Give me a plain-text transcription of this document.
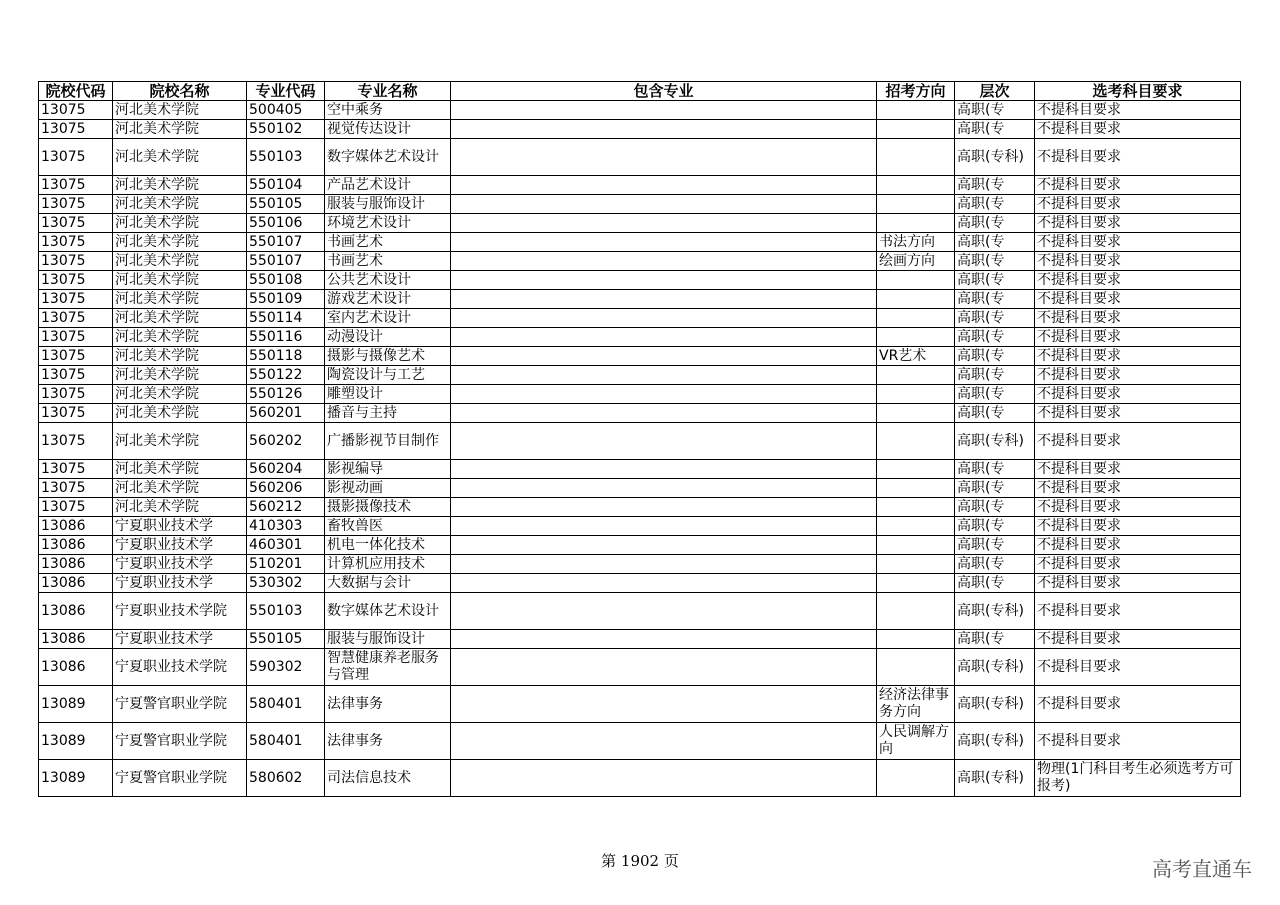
院校代码	院校名称	专业代码	专业名称	包含专业	招考方向	层次	选考科目要求

13075	河北美术学院	500405	空中乘务			高职(专	不提科目要求

13075	河北美术学院	550102	视觉传达设计			高职(专	不提科目要求

13075	河北美术学院	550103	数字媒体艺术设计			高职(专科)	不提科目要求

13075	河北美术学院	550104	产品艺术设计			高职(专	不提科目要求

13075	河北美术学院	550105	服装与服饰设计			高职(专	不提科目要求

13075	河北美术学院	550106	环境艺术设计			高职(专	不提科目要求

13075	河北美术学院	550107	书画艺术		书法方向	高职(专	不提科目要求

13075	河北美术学院	550107	书画艺术		绘画方向	高职(专	不提科目要求

13075	河北美术学院	550108	公共艺术设计			高职(专	不提科目要求

13075	河北美术学院	550109	游戏艺术设计			高职(专	不提科目要求

13075	河北美术学院	550114	室内艺术设计			高职(专	不提科目要求

13075	河北美术学院	550116	动漫设计			高职(专	不提科目要求

13075	河北美术学院	550118	摄影与摄像艺术		VR艺术	高职(专	不提科目要求

13075	河北美术学院	550122	陶瓷设计与工艺			高职(专	不提科目要求

13075	河北美术学院	550126	雕塑设计			高职(专	不提科目要求

13075	河北美术学院	560201	播音与主持			高职(专	不提科目要求

13075	河北美术学院	560202	广播影视节目制作			高职(专科)	不提科目要求

13075	河北美术学院	560204	影视编导			高职(专	不提科目要求

13075	河北美术学院	560206	影视动画			高职(专	不提科目要求

13075	河北美术学院	560212	摄影摄像技术			高职(专	不提科目要求

13086	宁夏职业技术学	410303	畜牧兽医			高职(专	不提科目要求

13086	宁夏职业技术学	460301	机电一体化技术			高职(专	不提科目要求

13086	宁夏职业技术学	510201	计算机应用技术			高职(专	不提科目要求

13086	宁夏职业技术学	530302	大数据与会计			高职(专	不提科目要求

13086	宁夏职业技术学院	550103	数字媒体艺术设计			高职(专科)	不提科目要求

13086	宁夏职业技术学	550105	服装与服饰设计			高职(专	不提科目要求

13086	宁夏职业技术学院	590302	智慧健康养老服务与管理			高职(专科)	不提科目要求

13089	宁夏警官职业学院	580401	法律事务		经济法律事务方向	高职(专科)	不提科目要求

13089	宁夏警官职业学院	580401	法律事务		人民调解方向	高职(专科)	不提科目要求

13089	宁夏警官职业学院	580602	司法信息技术			高职(专科)	物理(1门科目考生必须选考方可报考)
第 1902 页	高考直通车
